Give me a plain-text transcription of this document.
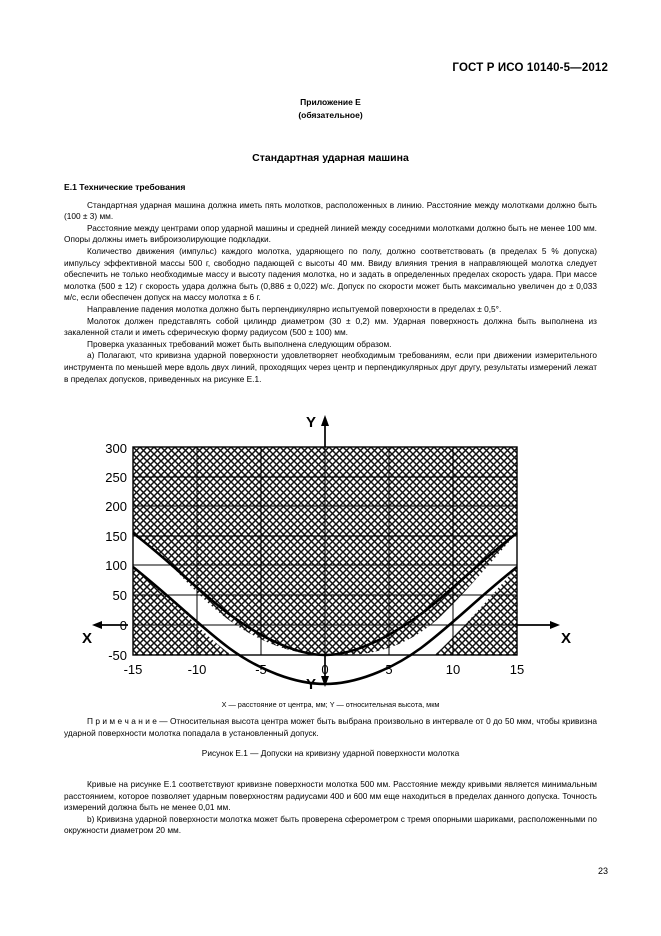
ГОСТ Р ИСО 10140-5—2012
Приложение Е
(обязательное)
Стандартная ударная машина
Е.1 Технические требования

Стандартная ударная машина должна иметь пять молотков, расположенных в линию. Расстояние между молотками должно быть (100 ± 3) мм.

Расстояние между центрами опор ударной машины и средней линией между соседними молотками должно быть не менее 100 мм. Опоры должны иметь виброизолирующие подкладки.

Количество движения (импульс) каждого молотка, ударяющего по полу, должно соответствовать (в пределах 5 % допуска) импульсу эффективной массы 500 г, свободно падающей с высоты 40 мм. Ввиду влияния трения в направляющей молотка следует обеспечить не только необходимые массу и высоту падения молотка, но и задать в определенных пределах скорость удара. При массе молотка (500 ± 12) г скорость удара должна быть (0,886 ± 0,022) м/с. Допуск по скорости может быть максимально увеличен до ± 0,033 м/с, если обеспечен допуск на массу молотка ± 6 г.

Направление падения молотка должно быть перпендикулярно испытуемой поверхности в пределах ± 0,5°.

Молоток должен представлять собой цилиндр диаметром (30 ± 0,2) мм. Ударная поверхность должна быть выполнена из закаленной стали и иметь сферическую форму радиусом (500 ± 100) мм.

Проверка указанных требований может быть выполнена следующим образом.

a) Полагают, что кривизна ударной поверхности удовлетворяет необходимым требованиям, если при движении измерительного инструмента по меньшей мере вдоль двух линий, проходящих через центр и перпендикулярных друг другу, результаты измерений лежат в пределах допусков, приведенных на рисунке Е.1.

X	X
Y
Y
300
250
200
150
100
50
0
-50
-15	-10	-5	0	5	10	15
X — расстояние от центра, мм; Y — относительная высота, мкм

П р и м е ч а н и е — Относительная высота центра может быть выбрана произвольно в интервале от 0 до 50 мкм, чтобы кривизна ударной поверхности молотка попадала в установленный допуск.

Рисунок Е.1 — Допуски на кривизну ударной поверхности молотка

Кривые на рисунке Е.1 соответствуют кривизне поверхности молотка 500 мм. Расстояние между кривыми является минимальным расстоянием, которое позволяет ударным поверхностям радиусами 400 и 600 мм еще находиться в пределах данного допуска. Точность измерений должна быть не менее 0,01 мм.

b) Кривизна ударной поверхности молотка может быть проверена сферометром с тремя опорными шариками, расположенными по окружности диаметром 20 мм.

23
